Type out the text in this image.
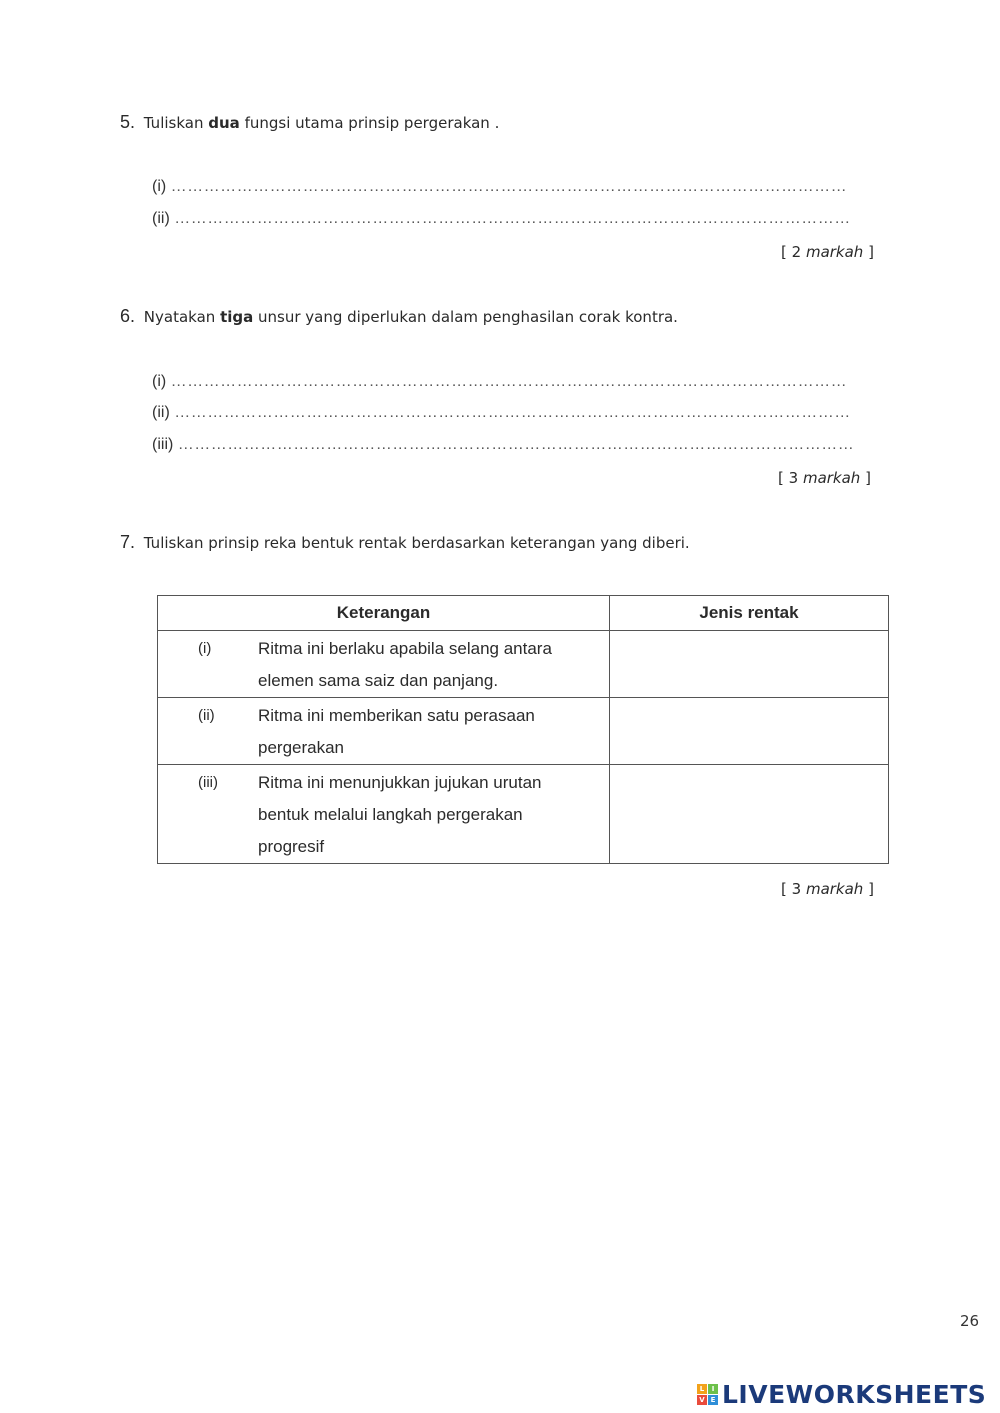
5. Tuliskan dua fungsi utama prinsip pergerakan .
(i) ……………………………………………………………………………………………………………
(ii) ……………………………………………………………………………………………………………
[ 2 markah ]
6. Nyatakan tiga unsur yang diperlukan dalam penghasilan corak kontra.
(i) ……………………………………………………………………………………………………………
(ii) ……………………………………………………………………………………………………………
(iii) ……………………………………………………………………………………………………………
[ 3 markah ]
7. Tuliskan prinsip reka bentuk rentak berdasarkan keterangan yang diberi.
Keterangan	Jenis rentak

(i) Ritma ini berlaku apabila selang antara
elemen sama saiz dan panjang.	

(ii) Ritma ini memberikan satu perasaan
pergerakan	

(iii) Ritma ini menunjukkan jujukan urutan
bentuk melalui langkah pergerakan
progresif	

[ 3 markah ]
26
L	I
V E LIVEWORKSHEETS
